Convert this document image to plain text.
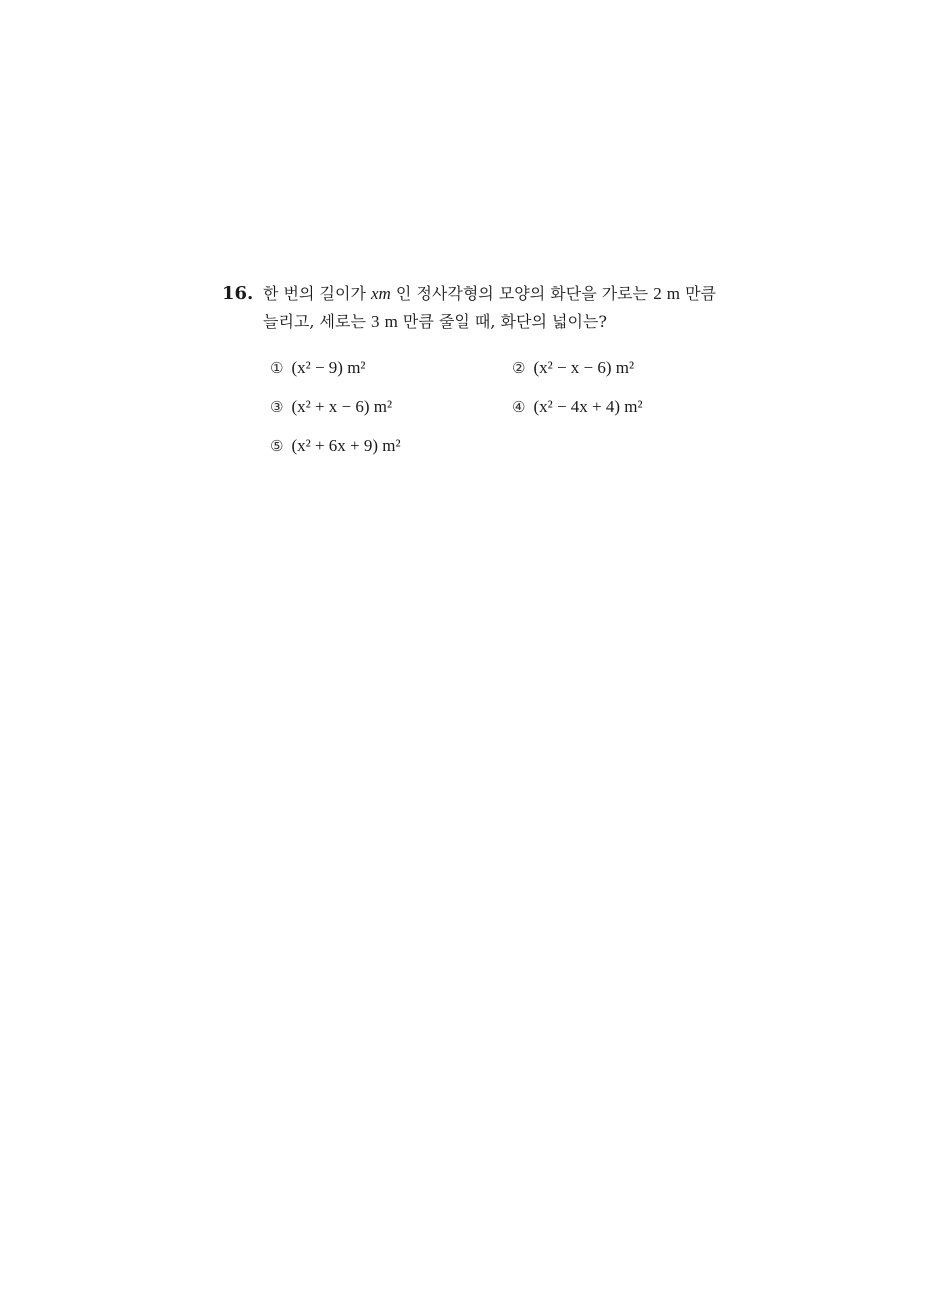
16. 한 번의 길이가 xm 인 정사각형의 모양의 화단을 가로는 2 m 만큼
늘리고, 세로는 3 m 만큼 줄일 때, 화단의 넓이는?
① (x² − 9) m²	② (x² − x − 6) m²
③ (x² + x − 6) m²	④ (x² − 4x + 4) m²
⑤ (x² + 6x + 9) m²
